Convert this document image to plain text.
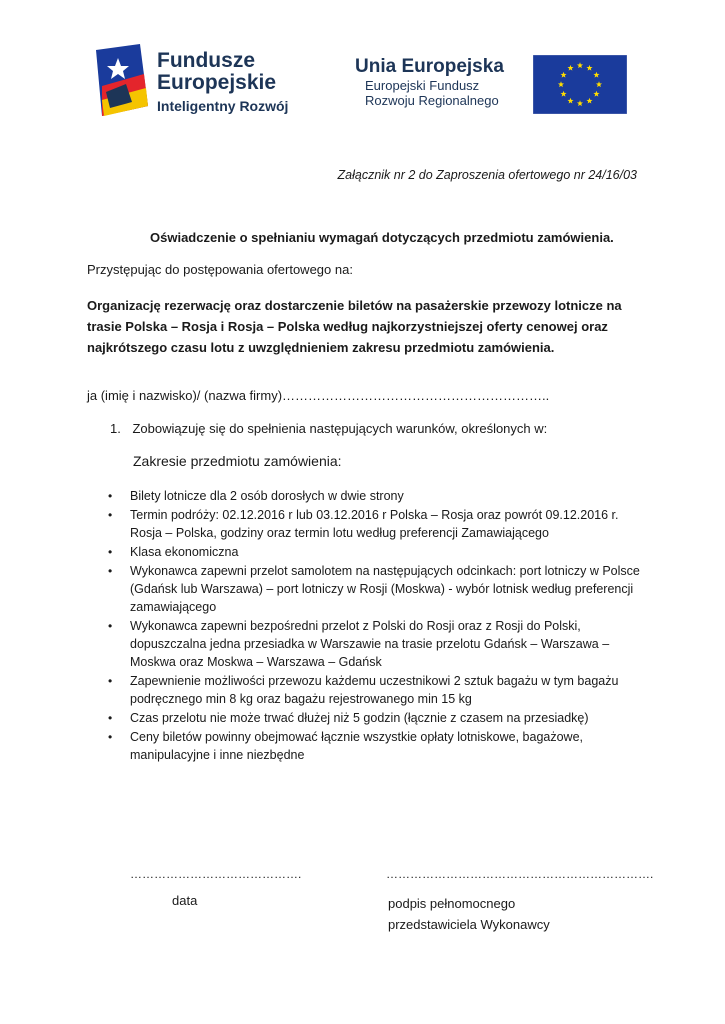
Fundusze
Europejskie
Inteligentny Rozwój
Unia Europejska
Europejski Fundusz
Rozwoju Regionalnego
Załącznik nr 2 do Zaproszenia ofertowego nr 24/16/03
Oświadczenie o spełnianiu wymagań dotyczących przedmiotu zamówienia.
Przystępując do postępowania ofertowego na:
Organizację rezerwację oraz dostarczenie biletów na pasażerskie przewozy lotnicze na trasie Polska – Rosja i Rosja – Polska według najkorzystniejszej oferty cenowej oraz najkrótszego czasu lotu z uwzględnieniem zakresu przedmiotu zamówienia.
ja (imię i nazwisko)/ (nazwa firmy)……………………………………………………..
1. Zobowiązuję się do spełnienia następujących warunków, określonych w:
Zakresie przedmiotu zamówienia:
• Bilety lotnicze dla 2 osób dorosłych w dwie strony
• Termin podróży: 02.12.2016 r lub 03.12.2016 r Polska – Rosja oraz powrót 09.12.2016 r. Rosja – Polska, godziny oraz termin lotu według preferencji Zamawiającego
• Klasa ekonomiczna
• Wykonawca zapewni przelot samolotem na następujących odcinkach: port lotniczy w Polsce (Gdańsk lub Warszawa) – port lotniczy w Rosji (Moskwa) - wybór lotnisk według preferencji zamawiającego
• Wykonawca zapewni bezpośredni przelot z Polski do Rosji oraz z Rosji do Polski, dopuszczalna jedna przesiadka w Warszawie na trasie przelotu Gdańsk – Warszawa – Moskwa oraz Moskwa – Warszawa – Gdańsk
• Zapewnienie możliwości przewozu każdemu uczestnikowi 2 sztuk bagażu w tym bagażu podręcznego min 8 kg oraz bagażu rejestrowanego min 15 kg
• Czas przelotu nie może trwać dłużej niż 5 godzin (łącznie z czasem na przesiadkę)
• Ceny biletów powinny obejmować łącznie wszystkie opłaty lotniskowe, bagażowe, manipulacyjne i inne niezbędne
…………………………………….	………………………………………………………….
data	podpis pełnomocnego
przedstawiciela Wykonawcy
